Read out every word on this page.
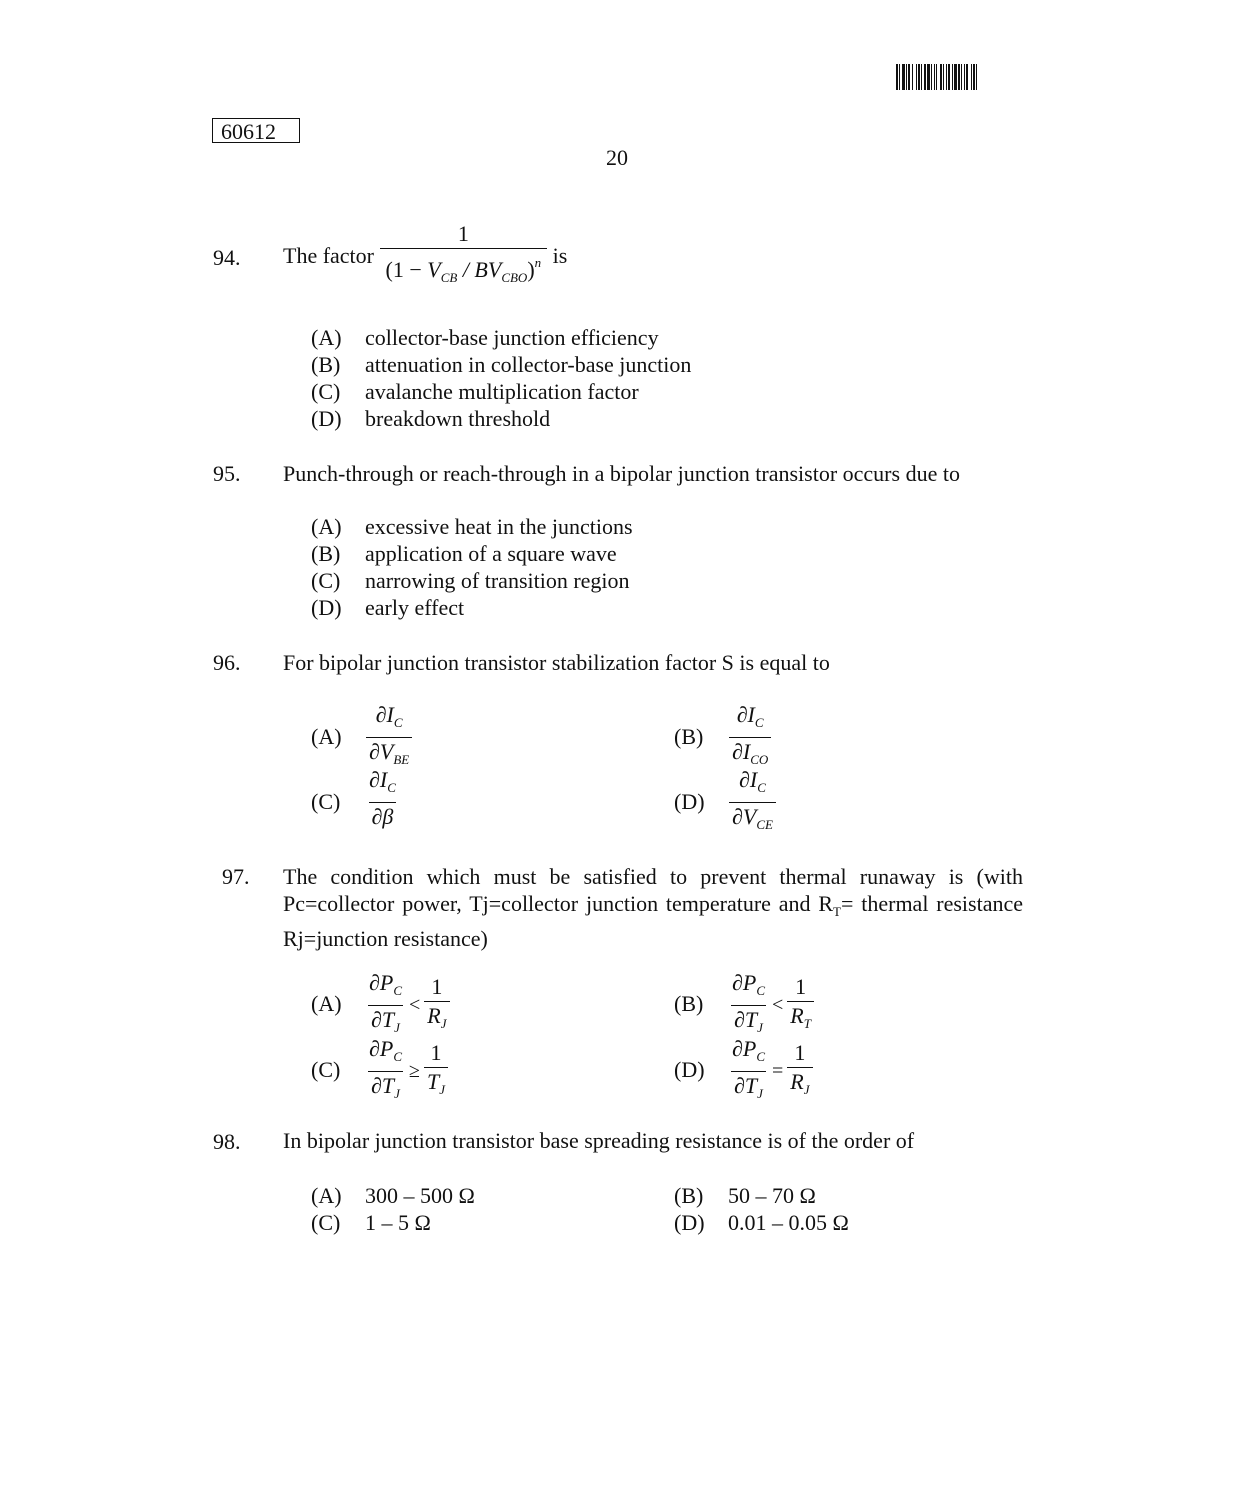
60612
20
94. The factor
$\frac{1}{(1 - V_{CB} / BV_{CBO})^n}$
is
(A) collector-base junction efficiency
(B) attenuation in collector-base junction
(C) avalanche multiplication factor
(D) breakdown threshold
95. Punch-through or reach-through in a bipolar junction transistor occurs due to
(A) excessive heat in the junctions
(B) application of a square wave
(C) narrowing of transition region
(D) early effect
96. For bipolar junction transistor stabilization factor S is equal to
$(A) \frac{\partial I_C}{\partial V_{BE}}$	$(B) \frac{\partial I_C}{\partial I_{CO}}$
$(C) \frac{\partial I_C}{\partial\beta}$	$(D) \frac{\partial I_C}{\partial V_{CE}}$
97. The condition which must be satisfied to prevent thermal runaway is (with Pc=collector power, Tj=collector junction temperature and $R_T=$ thermal resistance Rj=junction resistance)
$(A) \frac{\partial P_C}{\partial T_J} < \frac{1}{R_J}$	$(B) \frac{\partial P_C}{\partial T_J} < \frac{1}{R_T}$
$(C) \frac{\partial P_C}{\partial T_J} \ge \frac{1}{T_J}$	$(D) \frac{\partial P_C}{\partial T_J} = \frac{1}{R_J}$
98. In bipolar junction transistor base spreading resistance is of the order of
(A) 300 – 500 Ω	(B) 50 – 70 Ω
(C) 1 – 5 Ω	(D) 0.01 – 0.05 Ω
